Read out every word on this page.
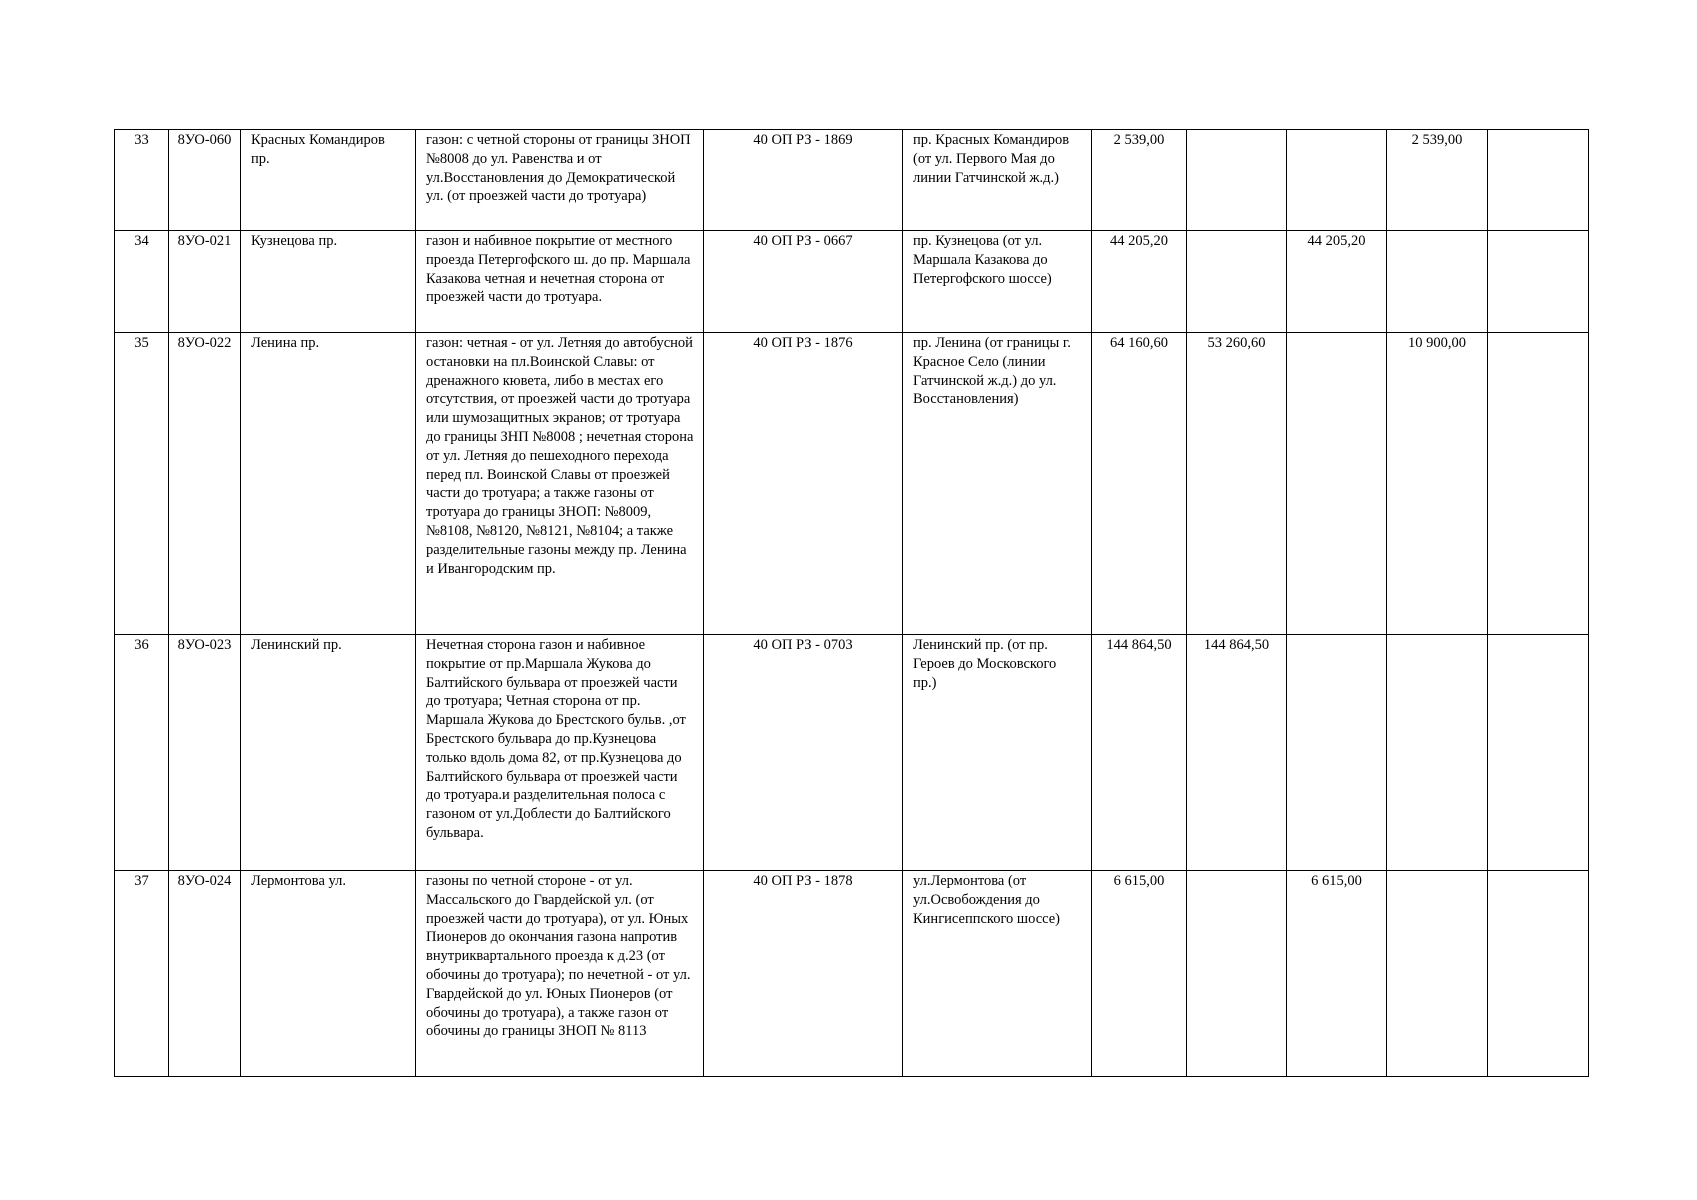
33	8УО-060	Красных Командиров пр.	газон: с четной стороны от границы ЗНОП №8008 до ул. Равенства и от ул.Восстановления до Демократической ул. (от проезжей части до тротуара)	40 ОП РЗ - 1869	пр. Красных Командиров (от ул. Первого Мая до линии Гатчинской ж.д.)	2 539,00			2 539,00	
34	8УО-021	Кузнецова пр.	газон и набивное покрытие от местного проезда Петергофского ш. до пр. Маршала Казакова четная и нечетная сторона от проезжей части до тротуара.	40 ОП РЗ - 0667	пр. Кузнецова (от ул. Маршала Казакова до Петергофского шоссе)	44 205,20		44 205,20		
35	8УО-022	Ленина пр.	газон: четная - от ул. Летняя до автобусной остановки на пл.Воинской Славы: от дренажного кювета, либо в местах его отсутствия, от проезжей части до тротуара или шумозащитных экранов; от тротуара до границы ЗНП №8008 ; нечетная сторона от ул. Летняя до пешеходного перехода перед пл. Воинской Славы от проезжей части до тротуара; а также газоны от тротуара до границы ЗНОП: №8009, №8108, №8120, №8121, №8104; а также разделительные газоны между пр. Ленина и Ивангородским пр.	40 ОП РЗ - 1876	пр. Ленина (от границы г. Красное Село (линии Гатчинской ж.д.) до ул. Восстановления)	64 160,60	53 260,60		10 900,00	
36	8УО-023	Ленинский пр.	Нечетная сторона газон и набивное покрытие от пр.Маршала Жукова до Балтийского бульвара от проезжей части до тротуара; Четная сторона от пр. Маршала Жукова до Брестского бульв. ,от Брестского бульвара до пр.Кузнецова только вдоль дома 82, от пр.Кузнецова до Балтийского бульвара от проезжей части до тротуара.и разделительная полоса с газоном от ул.Доблести до Балтийского бульвара.	40 ОП РЗ - 0703	Ленинский пр. (от пр. Героев до Московского пр.)	144 864,50	144 864,50			
37	8УО-024	Лермонтова ул.	газоны по четной стороне - от ул. Массальского до Гвардейской ул. (от проезжей части до тротуара), от ул. Юных Пионеров до окончания газона напротив внутриквартального проезда к д.23 (от обочины до тротуара); по нечетной - от ул. Гвардейской до ул. Юных Пионеров (от обочины до тротуара), а также газон от обочины до границы ЗНОП № 8113	40 ОП РЗ - 1878	ул.Лермонтова (от ул.Освобождения до Кингисеппского шоссе)	6 615,00		6 615,00		
